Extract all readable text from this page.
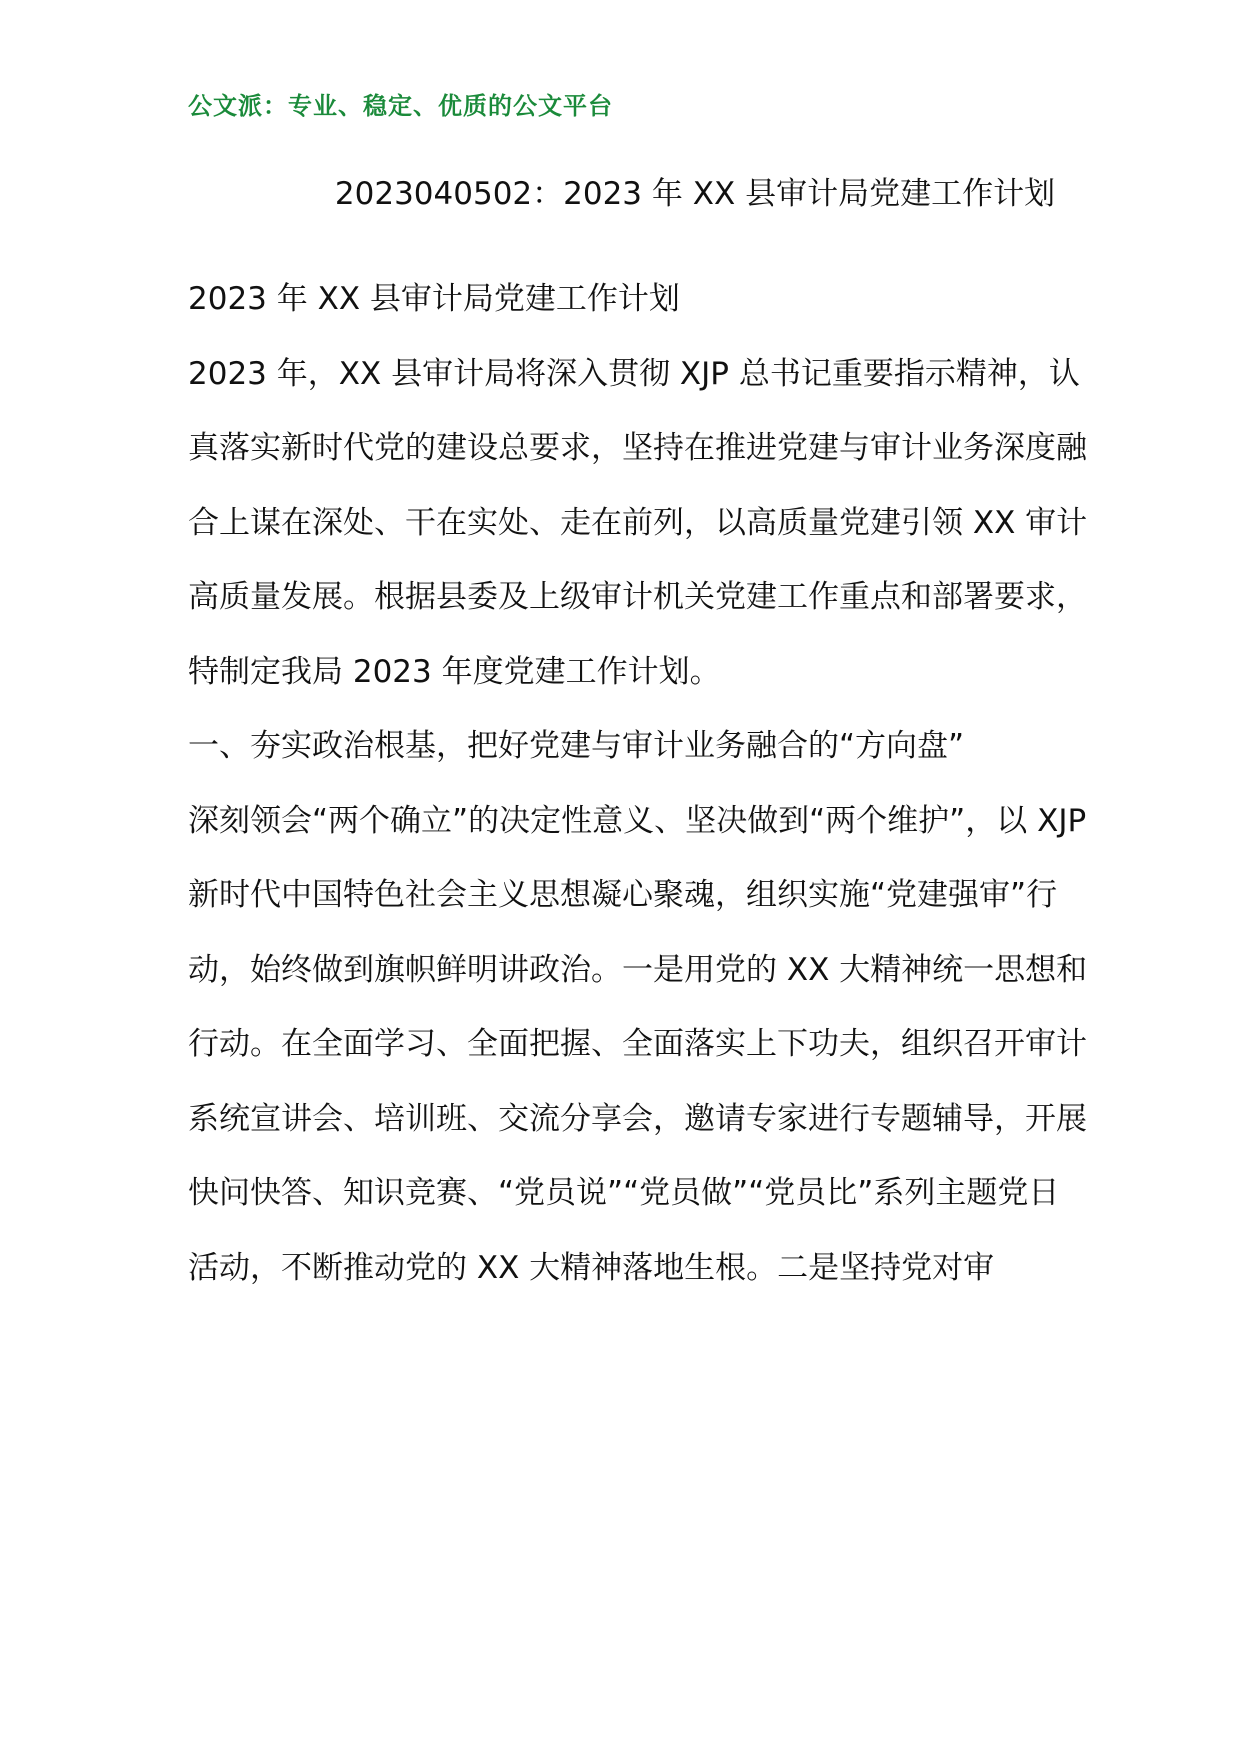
公文派：专业、稳定、优质的公文平台
2023040502：2023 年 XX 县审计局党建工作计划

2023 年 XX 县审计局党建工作计划

2023 年，XX 县审计局将深入贯彻 XJP 总书记重要指示精神，认真落实新时代党的建设总要求，坚持在推进党建与审计业务深度融合上谋在深处、干在实处、走在前列，以高质量党建引领 XX 审计高质量发展。根据县委及上级审计机关党建工作重点和部署要求，特制定我局 2023 年度党建工作计划。

一、夯实政治根基，把好党建与审计业务融合的“方向盘”

深刻领会“两个确立”的决定性意义、坚决做到“两个维护”，以 XJP 新时代中国特色社会主义思想凝心聚魂，组织实施“党建强审”行动，始终做到旗帜鲜明讲政治。一是用党的 XX 大精神统一思想和行动。在全面学习、全面把握、全面落实上下功夫，组织召开审计系统宣讲会、培训班、交流分享会，邀请专家进行专题辅导，开展快问快答、知识竞赛、“党员说”“党员做”“党员比”系列主题党日活动，不断推动党的 XX 大精神落地生根。二是坚持党对审
